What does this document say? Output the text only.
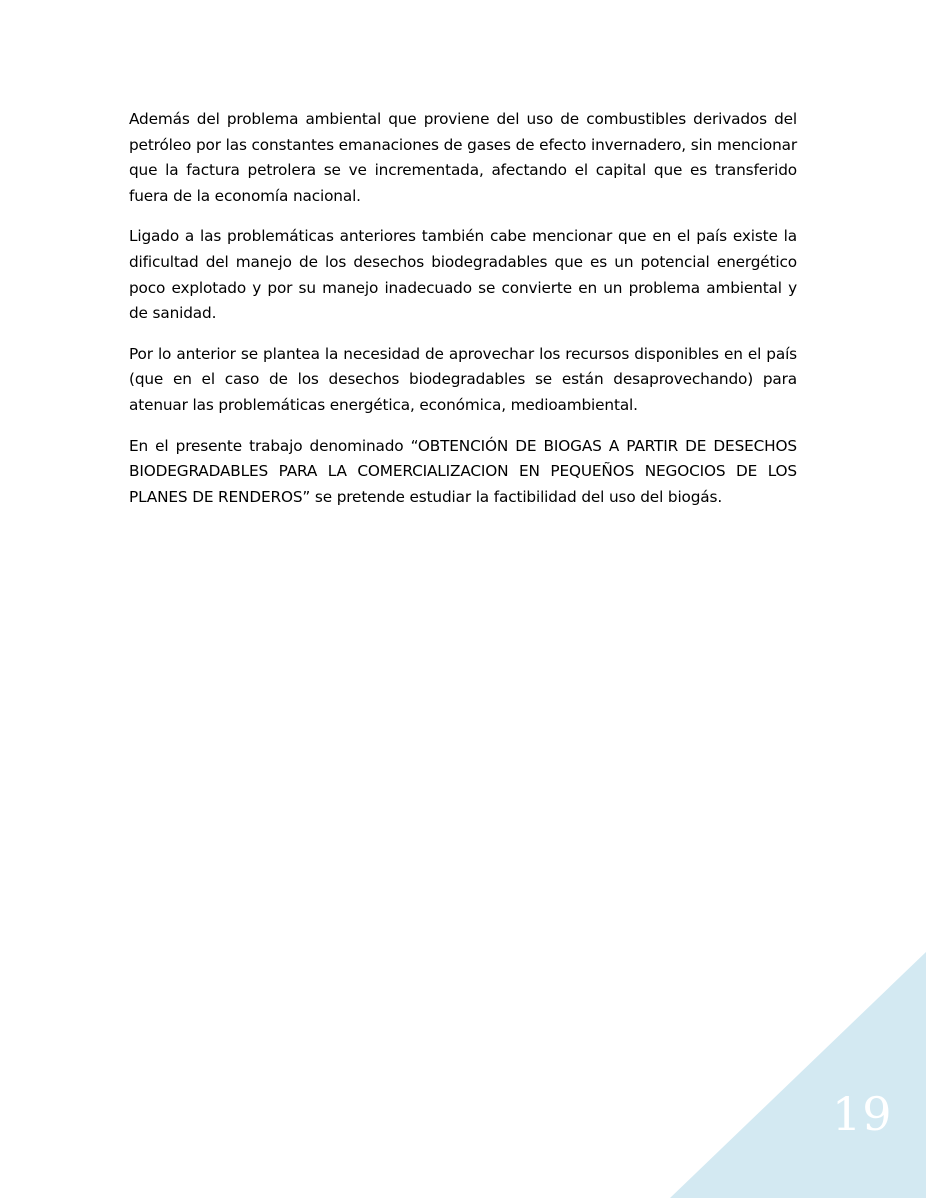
Además del problema ambiental que proviene del uso de combustibles derivados del petróleo por las constantes emanaciones de gases de efecto invernadero, sin mencionar que la factura petrolera se ve incrementada, afectando el capital que es transferido fuera de la economía nacional.

Ligado a las problemáticas anteriores también cabe mencionar que en el país existe la dificultad del manejo de los desechos biodegradables que es un potencial energético poco explotado y por su manejo inadecuado se convierte en un problema ambiental y de sanidad.

Por lo anterior se plantea la necesidad de aprovechar los recursos disponibles en el país (que en el caso de los desechos biodegradables se están desaprovechando) para atenuar las problemáticas energética, económica, medioambiental.

En el presente trabajo denominado “OBTENCIÓN DE BIOGAS A PARTIR DE DESECHOS BIODEGRADABLES PARA LA COMERCIALIZACION EN PEQUEÑOS NEGOCIOS DE LOS PLANES DE RENDEROS” se pretende estudiar la factibilidad del uso del biogás.

19
